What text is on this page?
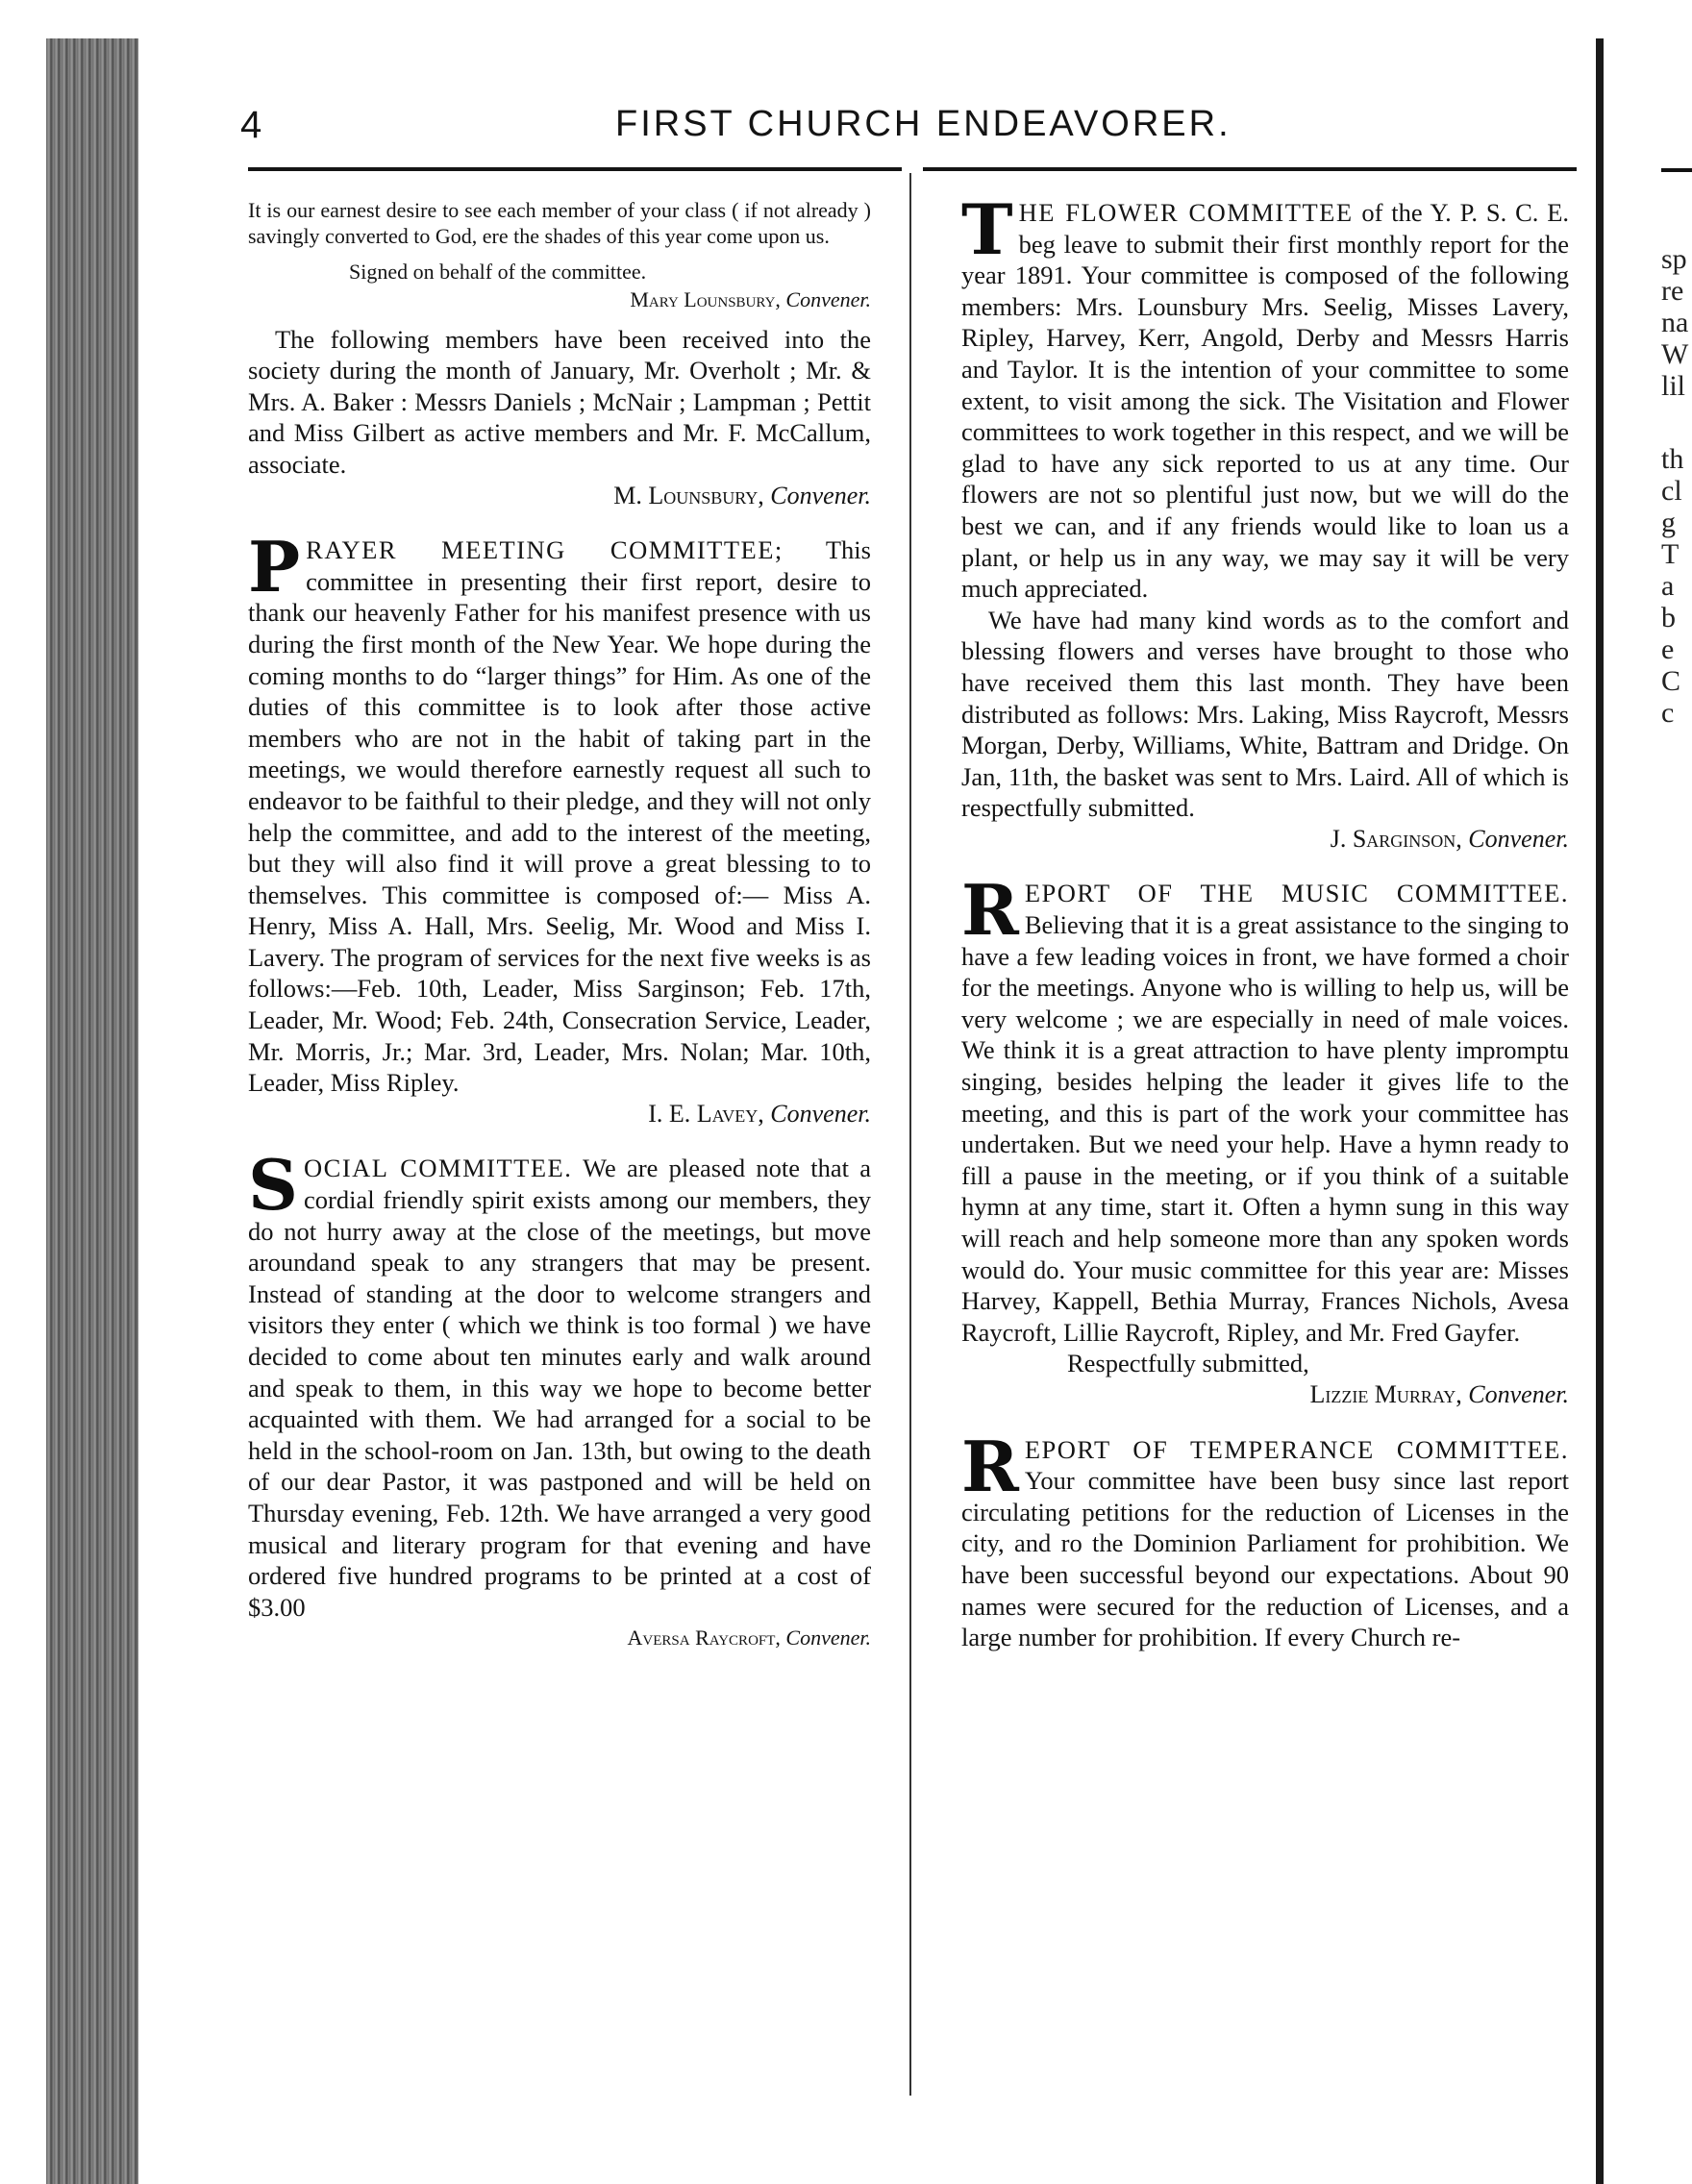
sp
re
na
W
lil
th
cl
g
T
a
b
e
C
c
4	FIRST CHURCH ENDEAVORER.

It is our earnest desire to see each member of your class ( if not already ) savingly converted to God, ere the shades of this year come upon us.

Signed on behalf of the committee.

Mary Lounsbury, Convener.

The following members have been received into the society during the month of January, Mr. Overholt ; Mr. & Mrs. A. Baker : Messrs Daniels ; McNair ; Lampman ; Pettit and Miss Gilbert as active members and Mr. F. McCallum, associate.

M. Lounsbury, Convener.

P RAYER MEETING COMMITTEE; This committee in presenting their first report, desire to thank our heavenly Father for his manifest presence with us during the first month of the New Year. We hope during the coming months to do “larger things” for Him. As one of the duties of this committee is to look after those active members who are not in the habit of taking part in the meetings, we would therefore earnestly request all such to endeavor to be faithful to their pledge, and they will not only help the committee, and add to the interest of the meeting, but they will also find it will prove a great blessing to to themselves. This committee is composed of:— Miss A. Henry, Miss A. Hall, Mrs. Seelig, Mr. Wood and Miss I. Lavery. The program of services for the next five weeks is as follows:—Feb. 10th, Leader, Miss Sarginson; Feb. 17th, Leader, Mr. Wood; Feb. 24th, Consecration Service, Leader, Mr. Morris, Jr.; Mar. 3rd, Leader, Mrs. Nolan; Mar. 10th, Leader, Miss Ripley.

I. E. Lavey, Convener.

S OCIAL COMMITTEE. We are pleased note that a cordial friendly spirit exists among our members, they do not hurry away at the close of the meetings, but move aroundand speak to any strangers that may be present. Instead of standing at the door to welcome strangers and visitors they enter ( which we think is too formal ) we have decided to come about ten minutes early and walk around and speak to them, in this way we hope to become better acquainted with them. We had arranged for a social to be held in the school-room on Jan. 13th, but owing to the death of our dear Pastor, it was pastponed and will be held on Thursday evening, Feb. 12th. We have arranged a very good musical and literary program for that evening and have ordered five hundred programs to be printed at a cost of $3.00

Aversa Raycroft, Convener.

T HE FLOWER COMMITTEE of the Y. P. S. C. E. beg leave to submit their first monthly report for the year 1891. Your committee is composed of the following members: Mrs. Lounsbury Mrs. Seelig, Misses Lavery, Ripley, Harvey, Kerr, Angold, Derby and Messrs Harris and Taylor. It is the intention of your committee to some extent, to visit among the sick. The Visitation and Flower committees to work together in this respect, and we will be glad to have any sick reported to us at any time. Our flowers are not so plentiful just now, but we will do the best we can, and if any friends would like to loan us a plant, or help us in any way, we may say it will be very much appreciated.

We have had many kind words as to the comfort and blessing flowers and verses have brought to those who have received them this last month. They have been distributed as follows: Mrs. Laking, Miss Raycroft, Messrs Morgan, Derby, Williams, White, Battram and Dridge. On Jan, 11th, the basket was sent to Mrs. Laird. All of which is respectfully submitted.

J. Sarginson, Convener.

R EPORT OF THE MUSIC COMMITTEE. Believing that it is a great assistance to the singing to have a few leading voices in front, we have formed a choir for the meetings. Anyone who is willing to help us, will be very welcome ; we are especially in need of male voices. We think it is a great attraction to have plenty impromptu singing, besides helping the leader it gives life to the meeting, and this is part of the work your committee has undertaken. But we need your help. Have a hymn ready to fill a pause in the meeting, or if you think of a suitable hymn at any time, start it. Often a hymn sung in this way will reach and help someone more than any spoken words would do. Your music committee for this year are: Misses Harvey, Kappell, Bethia Murray, Frances Nichols, Avesa Raycroft, Lillie Raycroft, Ripley, and Mr. Fred Gayfer.

Respectfully submitted,

Lizzie Murray, Convener.

R EPORT OF TEMPERANCE COMMITTEE. Your committee have been busy since last report circulating petitions for the reduction of Licenses in the city, and ro the Dominion Parliament for prohibition. We have been successful beyond our expectations. About 90 names were secured for the reduction of Licenses, and a large number for prohibition. If every Church re-
